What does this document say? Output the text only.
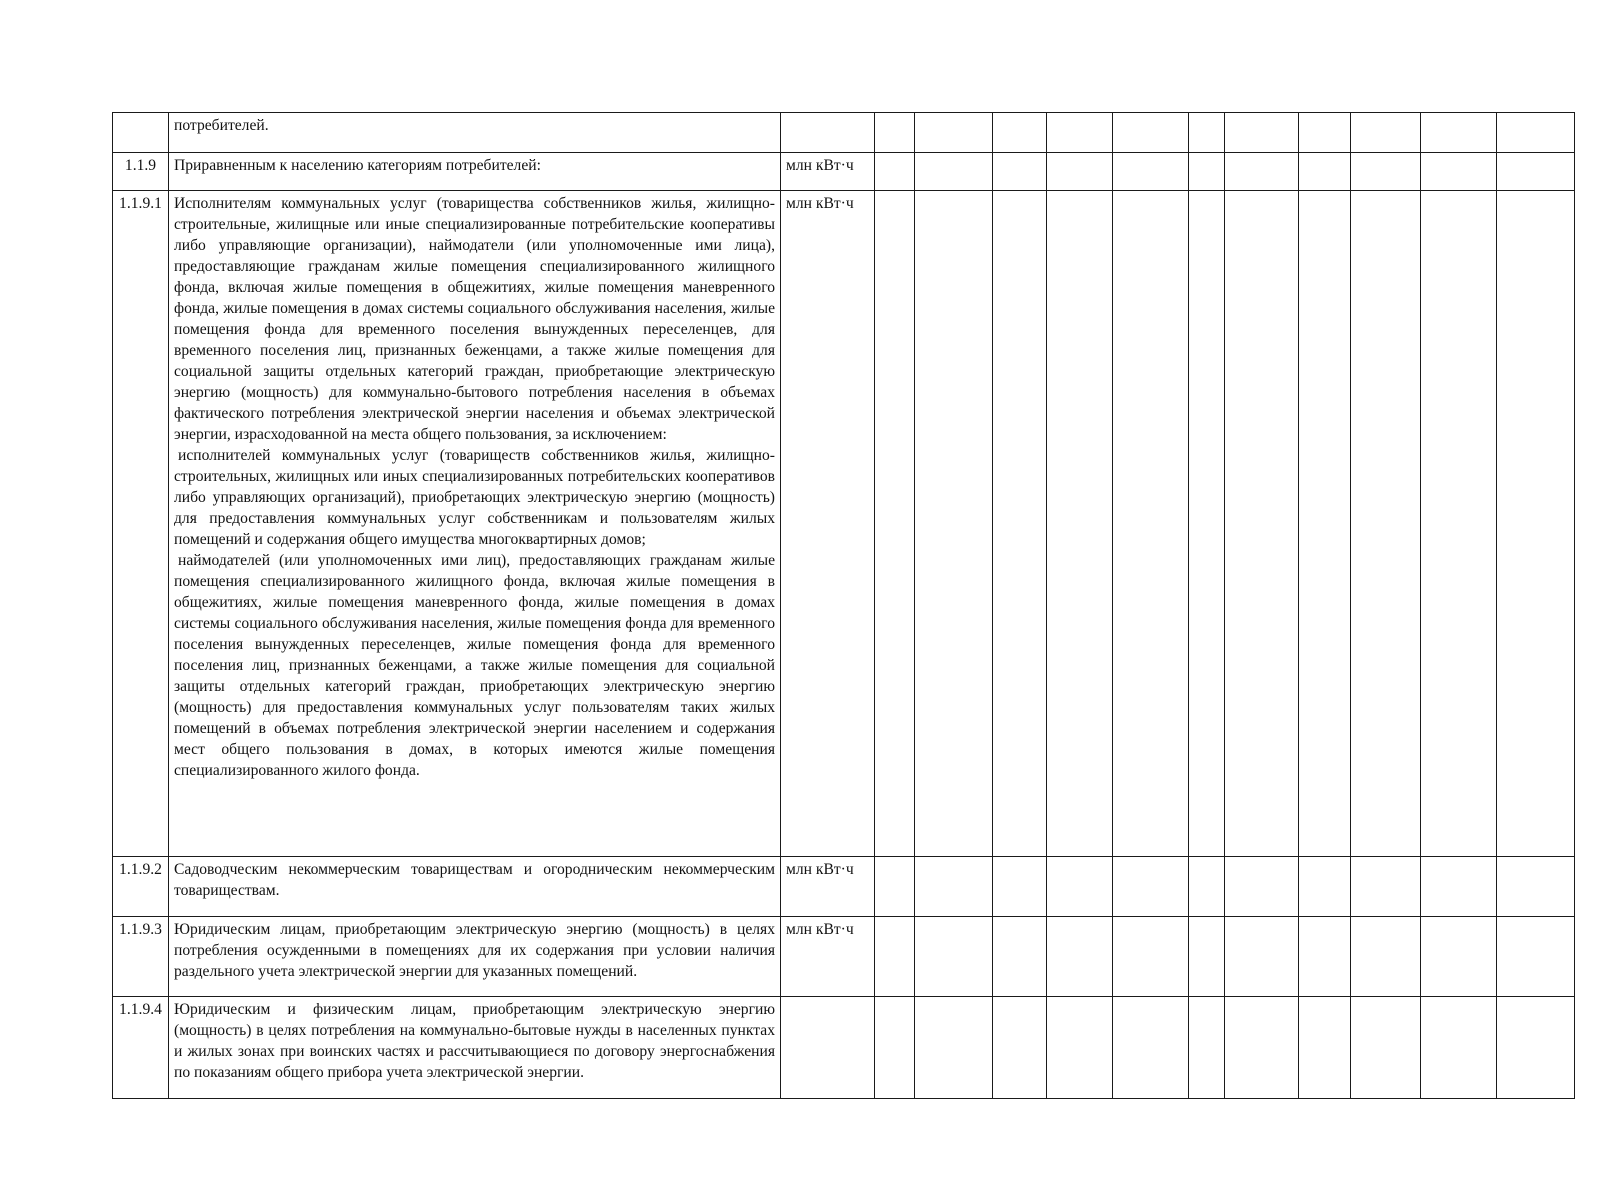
	потребителей.												

1.1.9	Приравненным к населению категориям потребителей:	млн кВт·ч											
1.1.9.1	Исполнителям коммунальных услуг (товарищества собственников жилья, жилищно-строительные, жилищные или иные специализированные потребительские кооперативы либо управляющие организации), наймодатели (или уполномоченные ими лица), предоставляющие гражданам жилые помещения специализированного жилищного фонда, включая жилые помещения в общежитиях, жилые помещения маневренного фонда, жилые помещения в домах системы социального обслуживания населения, жилые помещения фонда для временного поселения вынужденных переселенцев, для временного поселения лиц, признанных беженцами, а также жилые помещения для социальной защиты отдельных категорий граждан, приобретающие электрическую энергию (мощность) для коммунально-бытового потребления населения в объемах фактического потребления электрической энергии населения и объемах электрической энергии, израсходованной на места общего пользования, за исключением:
исполнителей коммунальных услуг (товариществ собственников жилья, жилищно-строительных, жилищных или иных специализированных потребительских кооперативов либо управляющих организаций), приобретающих электрическую энергию (мощность) для предоставления коммунальных услуг собственникам и пользователям жилых помещений и содержания общего имущества многоквартирных домов;
наймодателей (или уполномоченных ими лиц), предоставляющих гражданам жилые помещения специализированного жилищного фонда, включая жилые помещения в общежитиях, жилые помещения маневренного фонда, жилые помещения в домах системы социального обслуживания населения, жилые помещения фонда для временного поселения вынужденных переселенцев, жилые помещения фонда для временного поселения лиц, признанных беженцами, а также жилые помещения для социальной защиты отдельных категорий граждан, приобретающих электрическую энергию (мощность) для предоставления коммунальных услуг пользователям таких жилых помещений в объемах потребления электрической энергии населением и содержания мест общего пользования в домах, в которых имеются жилые помещения специализированного жилого фонда.	млн кВт·ч											
1.1.9.2	Садоводческим некоммерческим товариществам и огородническим некоммерческим товариществам.	млн кВт·ч											
1.1.9.3	Юридическим лицам, приобретающим электрическую энергию (мощность) в целях потребления осужденными в помещениях для их содержания при условии наличия раздельного учета электрической энергии для указанных помещений.	млн кВт·ч											
1.1.9.4	Юридическим и физическим лицам, приобретающим электрическую энергию (мощность) в целях потребления на коммунально-бытовые нужды в населенных пунктах и жилых зонах при воинских частях и рассчитывающиеся по договору энергоснабжения по показаниям общего прибора учета электрической энергии.												
